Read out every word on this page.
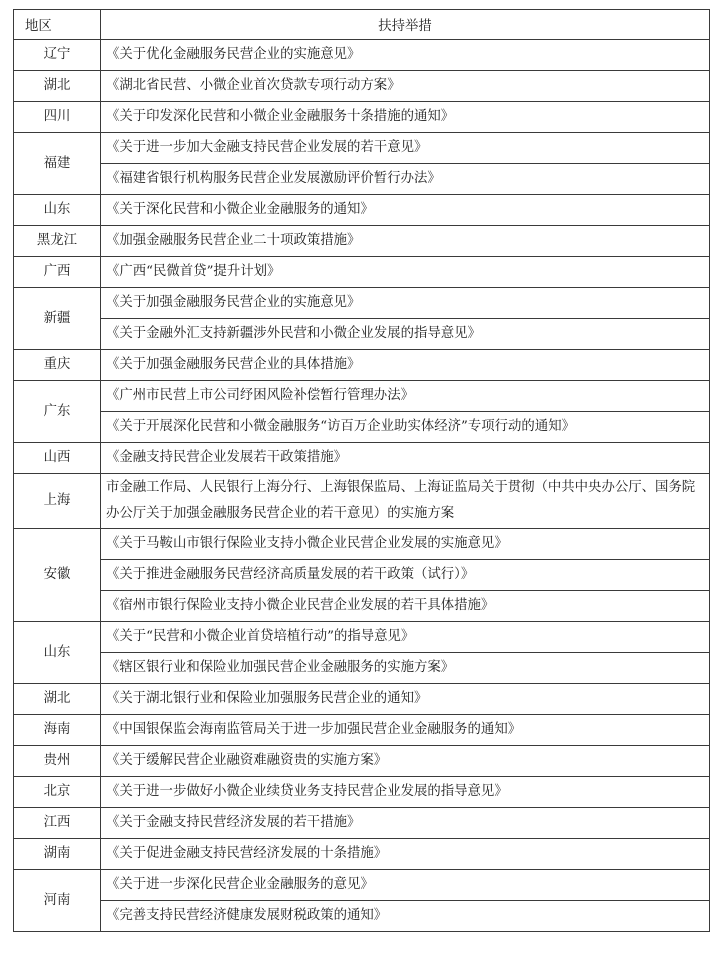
地区	扶持举措
辽宁	《关于优化金融服务民营企业的实施意见》
湖北	《湖北省民营、小微企业首次贷款专项行动方案》
四川	《关于印发深化民营和小微企业金融服务十条措施的通知》
福建	《关于进一步加大金融支持民营企业发展的若干意见》
	《福建省银行机构服务民营企业发展激励评价暂行办法》
山东	《关于深化民营和小微企业金融服务的通知》
黑龙江	《加强金融服务民营企业二十项政策措施》
广西	《广西“民微首贷”提升计划》
新疆	《关于加强金融服务民营企业的实施意见》
	《关于金融外汇支持新疆涉外民营和小微企业发展的指导意见》
重庆	《关于加强金融服务民营企业的具体措施》
广东	《广州市民营上市公司纾困风险补偿暂行管理办法》
	《关于开展深化民营和小微金融服务“访百万企业助实体经济”专项行动的通知》
山西	《金融支持民营企业发展若干政策措施》
上海	市金融工作局、人民银行上海分行、上海银保监局、上海证监局关于贯彻（中共中央办公厅、国务院办公厅关于加强金融服务民营企业的若干意见）的实施方案
安徽	《关于马鞍山市银行保险业支持小微企业民营企业发展的实施意见》
	《关于推进金融服务民营经济高质量发展的若干政策（试行）》
	《宿州市银行保险业支持小微企业民营企业发展的若干具体措施》
山东	《关于“民营和小微企业首贷培植行动”的指导意见》
	《辖区银行业和保险业加强民营企业金融服务的实施方案》
湖北	《关于湖北银行业和保险业加强服务民营企业的通知》
海南	《中国银保监会海南监管局关于进一步加强民营企业金融服务的通知》
贵州	《关于缓解民营企业融资难融资贵的实施方案》
北京	《关于进一步做好小微企业续贷业务支持民营企业发展的指导意见》
江西	《关于金融支持民营经济发展的若干措施》
湖南	《关于促进金融支持民营经济发展的十条措施》
河南	《关于进一步深化民营企业金融服务的意见》
	《完善支持民营经济健康发展财税政策的通知》
